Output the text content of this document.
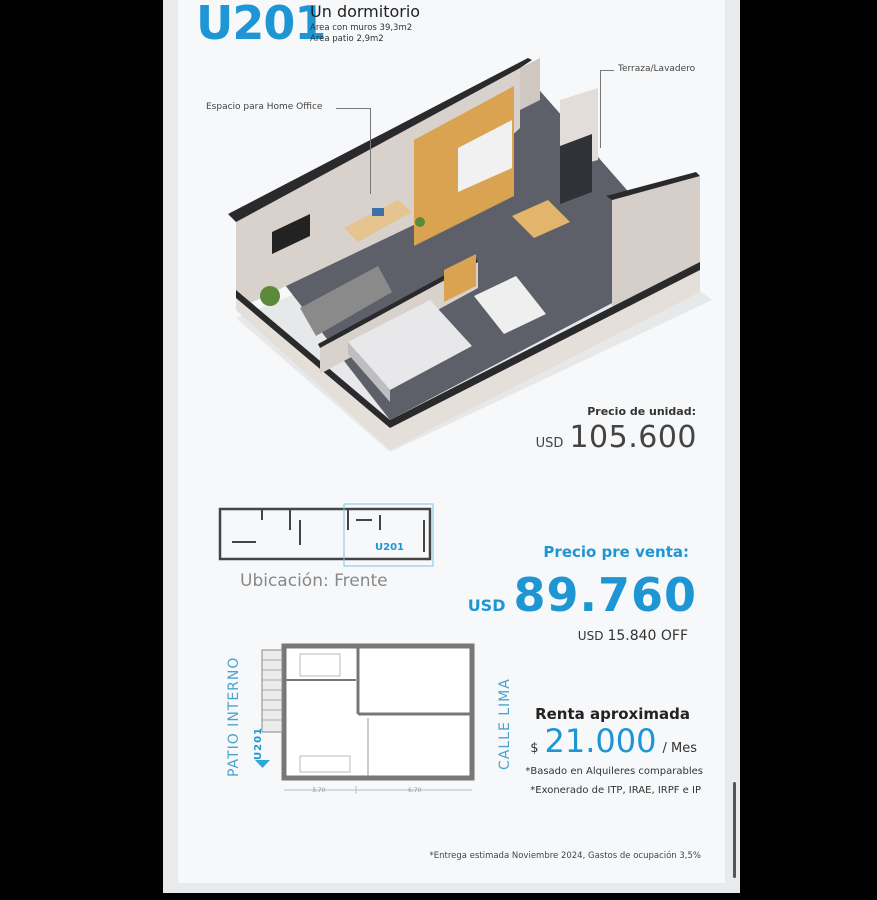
U201
Un dormitorio
Area con muros 39,3m2
Area patio 2,9m2
Espacio para Home Office
Terraza/Lavadero
Precio de unidad:
USD 105.600
U201
Ubicación: Frente
Precio pre venta:
USD 89.760
USD 15.840 OFF
3,70	6,70
PATIO INTERNO	CALLE LIMA
U201
Renta aproximada
$ 21.000 / Mes
*Basado en Alquileres comparables
*Exonerado de ITP, IRAE, IRPF e IP
*Entrega estimada Noviembre 2024, Gastos de ocupación 3,5%
